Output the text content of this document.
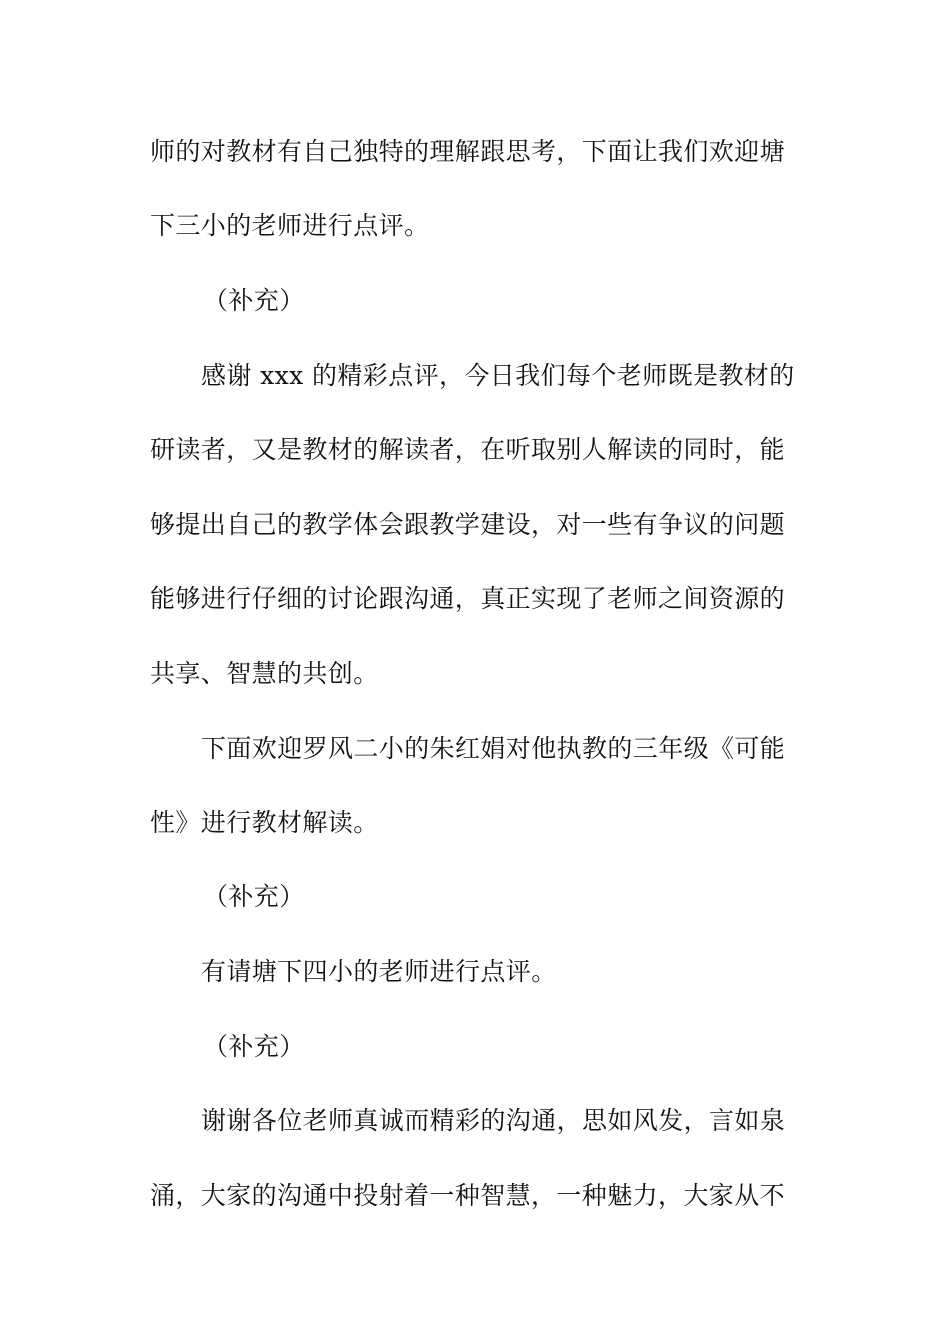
师的对教材有自己独特的理解跟思考，下面让我们欢迎塘
下三小的老师进行点评。
（补充）
感谢 xxx 的精彩点评，今日我们每个老师既是教材的
研读者，又是教材的解读者，在听取别人解读的同时，能
够提出自己的教学体会跟教学建设，对一些有争议的问题
能够进行仔细的讨论跟沟通，真正实现了老师之间资源的
共享、智慧的共创。
下面欢迎罗风二小的朱红娟对他执教的三年级《可能
性》进行教材解读。
（补充）
有请塘下四小的老师进行点评。
（补充）
谢谢各位老师真诚而精彩的沟通，思如风发，言如泉
涌，大家的沟通中投射着一种智慧，一种魅力，大家从不
